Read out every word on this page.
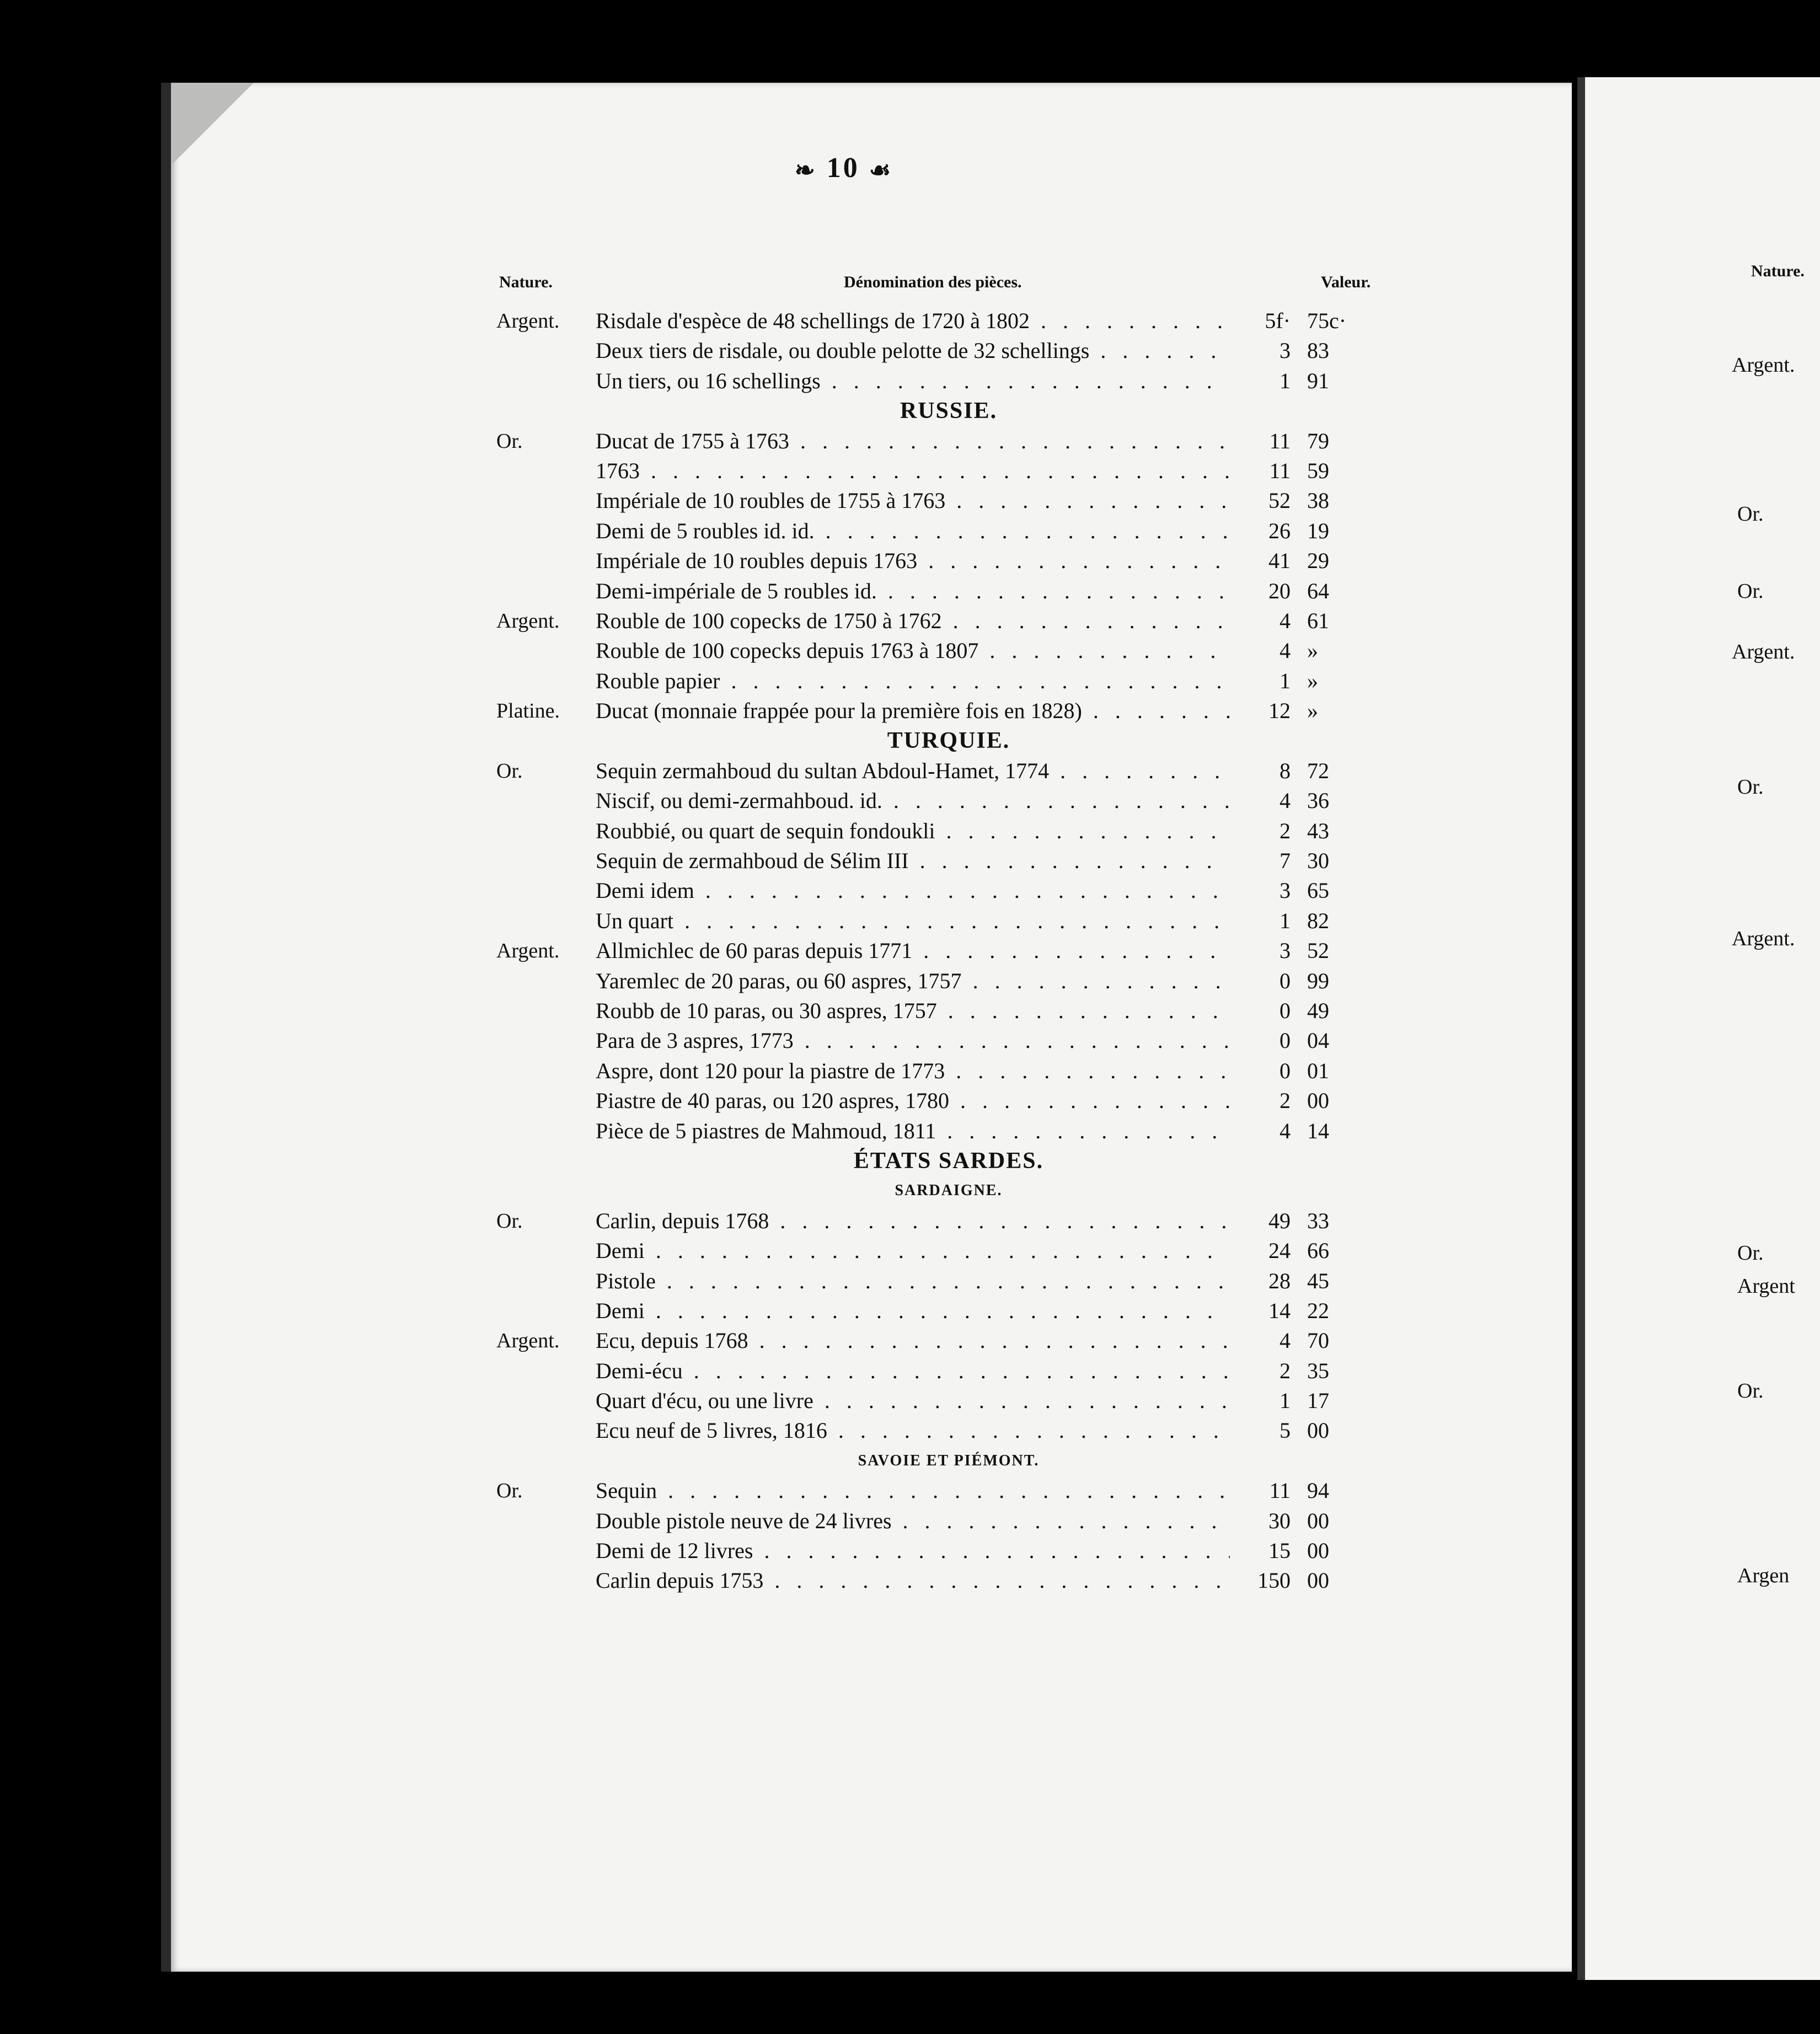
❧ 10 ☙
Nature.	Dénomination des pièces.	Valeur.
Argent.	Risdale d'espèce de 48 schellings de 1720 à 1802 . . .	5f· 75c·
Deux tiers de risdale, ou double pelotte de 32 schellings . . .	3 83
Un tiers, ou 16 schellings . . .	1 91
RUSSIE.
Or.	Ducat de 1755 à 1763 . . .	11 79
1763 . . .	11 59
Impériale de 10 roubles de 1755 à 1763 . . .	52 38
Demi de 5 roubles id. id. . . .	26 19
Impériale de 10 roubles depuis 1763 . . .	41 29
Demi-impériale de 5 roubles id. . . .	20 64
Argent.	Rouble de 100 copecks de 1750 à 1762 . . .	4 61
Rouble de 100 copecks depuis 1763 à 1807 . . .	4 »
Rouble papier . . .	1 »
Platine.	Ducat (monnaie frappée pour la première fois en 1828) . . .	12 »
TURQUIE.
Or.	Sequin zermahboud du sultan Abdoul-Hamet, 1774 . . .	8 72
Niscif, ou demi-zermahboud. id. . . .	4 36
Roubbié, ou quart de sequin fondoukli . . .	2 43
Sequin de zermahboud de Sélim III . . .	7 30
Demi idem . . .	3 65
Un quart . . .	1 82
Argent.	Allmichlec de 60 paras depuis 1771 . . .	3 52
Yaremlec de 20 paras, ou 60 aspres, 1757 . . .	0 99
Roubb de 10 paras, ou 30 aspres, 1757 . . .	0 49
Para de 3 aspres, 1773 . . .	0 04
Aspre, dont 120 pour la piastre de 1773 . . .	0 01
Piastre de 40 paras, ou 120 aspres, 1780 . . .	2 00
Pièce de 5 piastres de Mahmoud, 1811 . . .	4 14
ÉTATS SARDES.
SARDAIGNE.
Or.	Carlin, depuis 1768 . . .	49 33
Demi . . .	24 66
Pistole . . .	28 45
Demi . . .	14 22
Argent.	Ecu, depuis 1768 . . .	4 70
Demi-écu . . .	2 35
Quart d'écu, ou une livre . . .	1 17
Ecu neuf de 5 livres, 1816 . . .	5 00
SAVOIE ET PIÉMONT.
Or.	Sequin . . .	11 94
Double pistole neuve de 24 livres . . .	30 00
Demi de 12 livres . . .	15 00
Carlin depuis 1753 . . .	150 00
Nature.
Argent.
Or.
Or.
Argent.
Or.
Argent.
Or.
Argent
Or.
Argen
